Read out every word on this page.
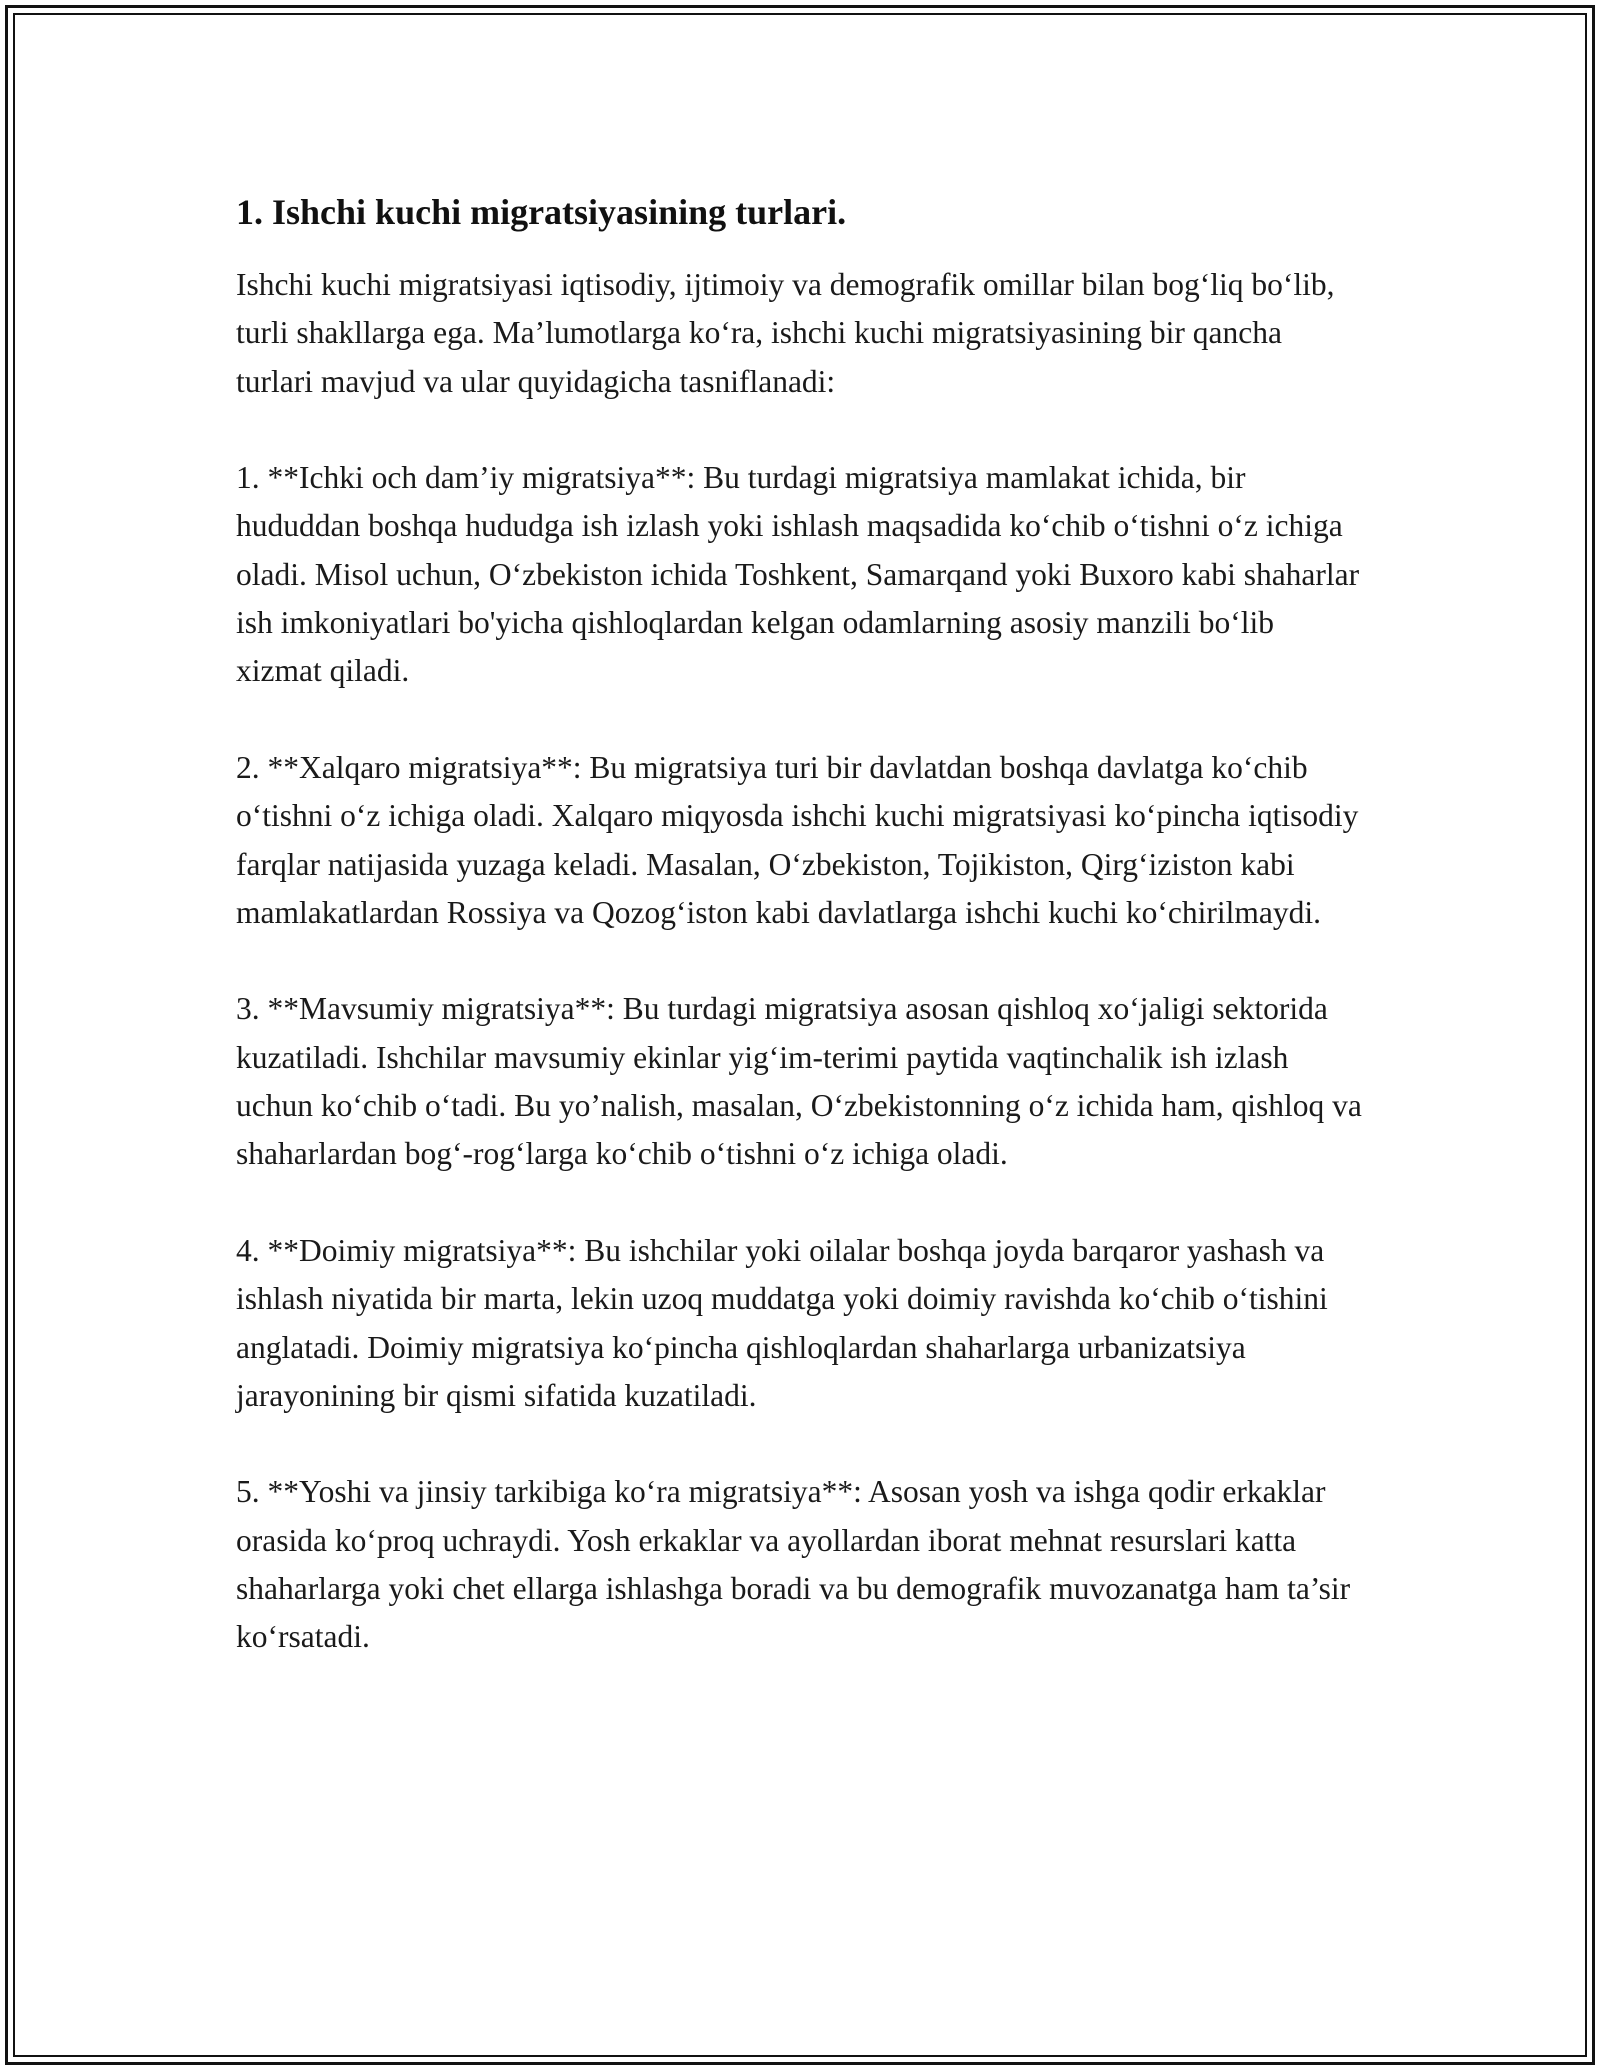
1. Ishchi kuchi migratsiyasining turlari.

Ishchi kuchi migratsiyasi iqtisodiy, ijtimoiy va demografik omillar bilan bog‘liq bo‘lib, turli shakllarga ega. Ma’lumotlarga ko‘ra, ishchi kuchi migratsiyasining bir qancha turlari mavjud va ular quyidagicha tasniflanadi:

1. **Ichki och dam’iy migratsiya**: Bu turdagi migratsiya mamlakat ichida, bir hududdan boshqa hududga ish izlash yoki ishlash maqsadida ko‘chib o‘tishni o‘z ichiga oladi. Misol uchun, O‘zbekiston ichida Toshkent, Samarqand yoki Buxoro kabi shaharlar ish imkoniyatlari bo'yicha qishloqlardan kelgan odamlarning asosiy manzili bo‘lib xizmat qiladi.

2. **Xalqaro migratsiya**: Bu migratsiya turi bir davlatdan boshqa davlatga ko‘chib o‘tishni o‘z ichiga oladi. Xalqaro miqyosda ishchi kuchi migratsiyasi ko‘pincha iqtisodiy farqlar natijasida yuzaga keladi. Masalan, O‘zbekiston, Tojikiston, Qirg‘iziston kabi mamlakatlardan Rossiya va Qozog‘iston kabi davlatlarga ishchi kuchi ko‘chirilmaydi.

3. **Mavsumiy migratsiya**: Bu turdagi migratsiya asosan qishloq xo‘jaligi sektorida kuzatiladi. Ishchilar mavsumiy ekinlar yig‘im-terimi paytida vaqtinchalik ish izlash uchun ko‘chib o‘tadi. Bu yo’nalish, masalan, O‘zbekistonning o‘z ichida ham, qishloq va shaharlardan bog‘-rog‘larga ko‘chib o‘tishni o‘z ichiga oladi.

4. **Doimiy migratsiya**: Bu ishchilar yoki oilalar boshqa joyda barqaror yashash va ishlash niyatida bir marta, lekin uzoq muddatga yoki doimiy ravishda ko‘chib o‘tishini anglatadi. Doimiy migratsiya ko‘pincha qishloqlardan shaharlarga urbanizatsiya jarayonining bir qismi sifatida kuzatiladi.

5. **Yoshi va jinsiy tarkibiga ko‘ra migratsiya**: Asosan yosh va ishga qodir erkaklar orasida ko‘proq uchraydi. Yosh erkaklar va ayollardan iborat mehnat resurslari katta shaharlarga yoki chet ellarga ishlashga boradi va bu demografik muvozanatga ham ta’sir ko‘rsatadi.
